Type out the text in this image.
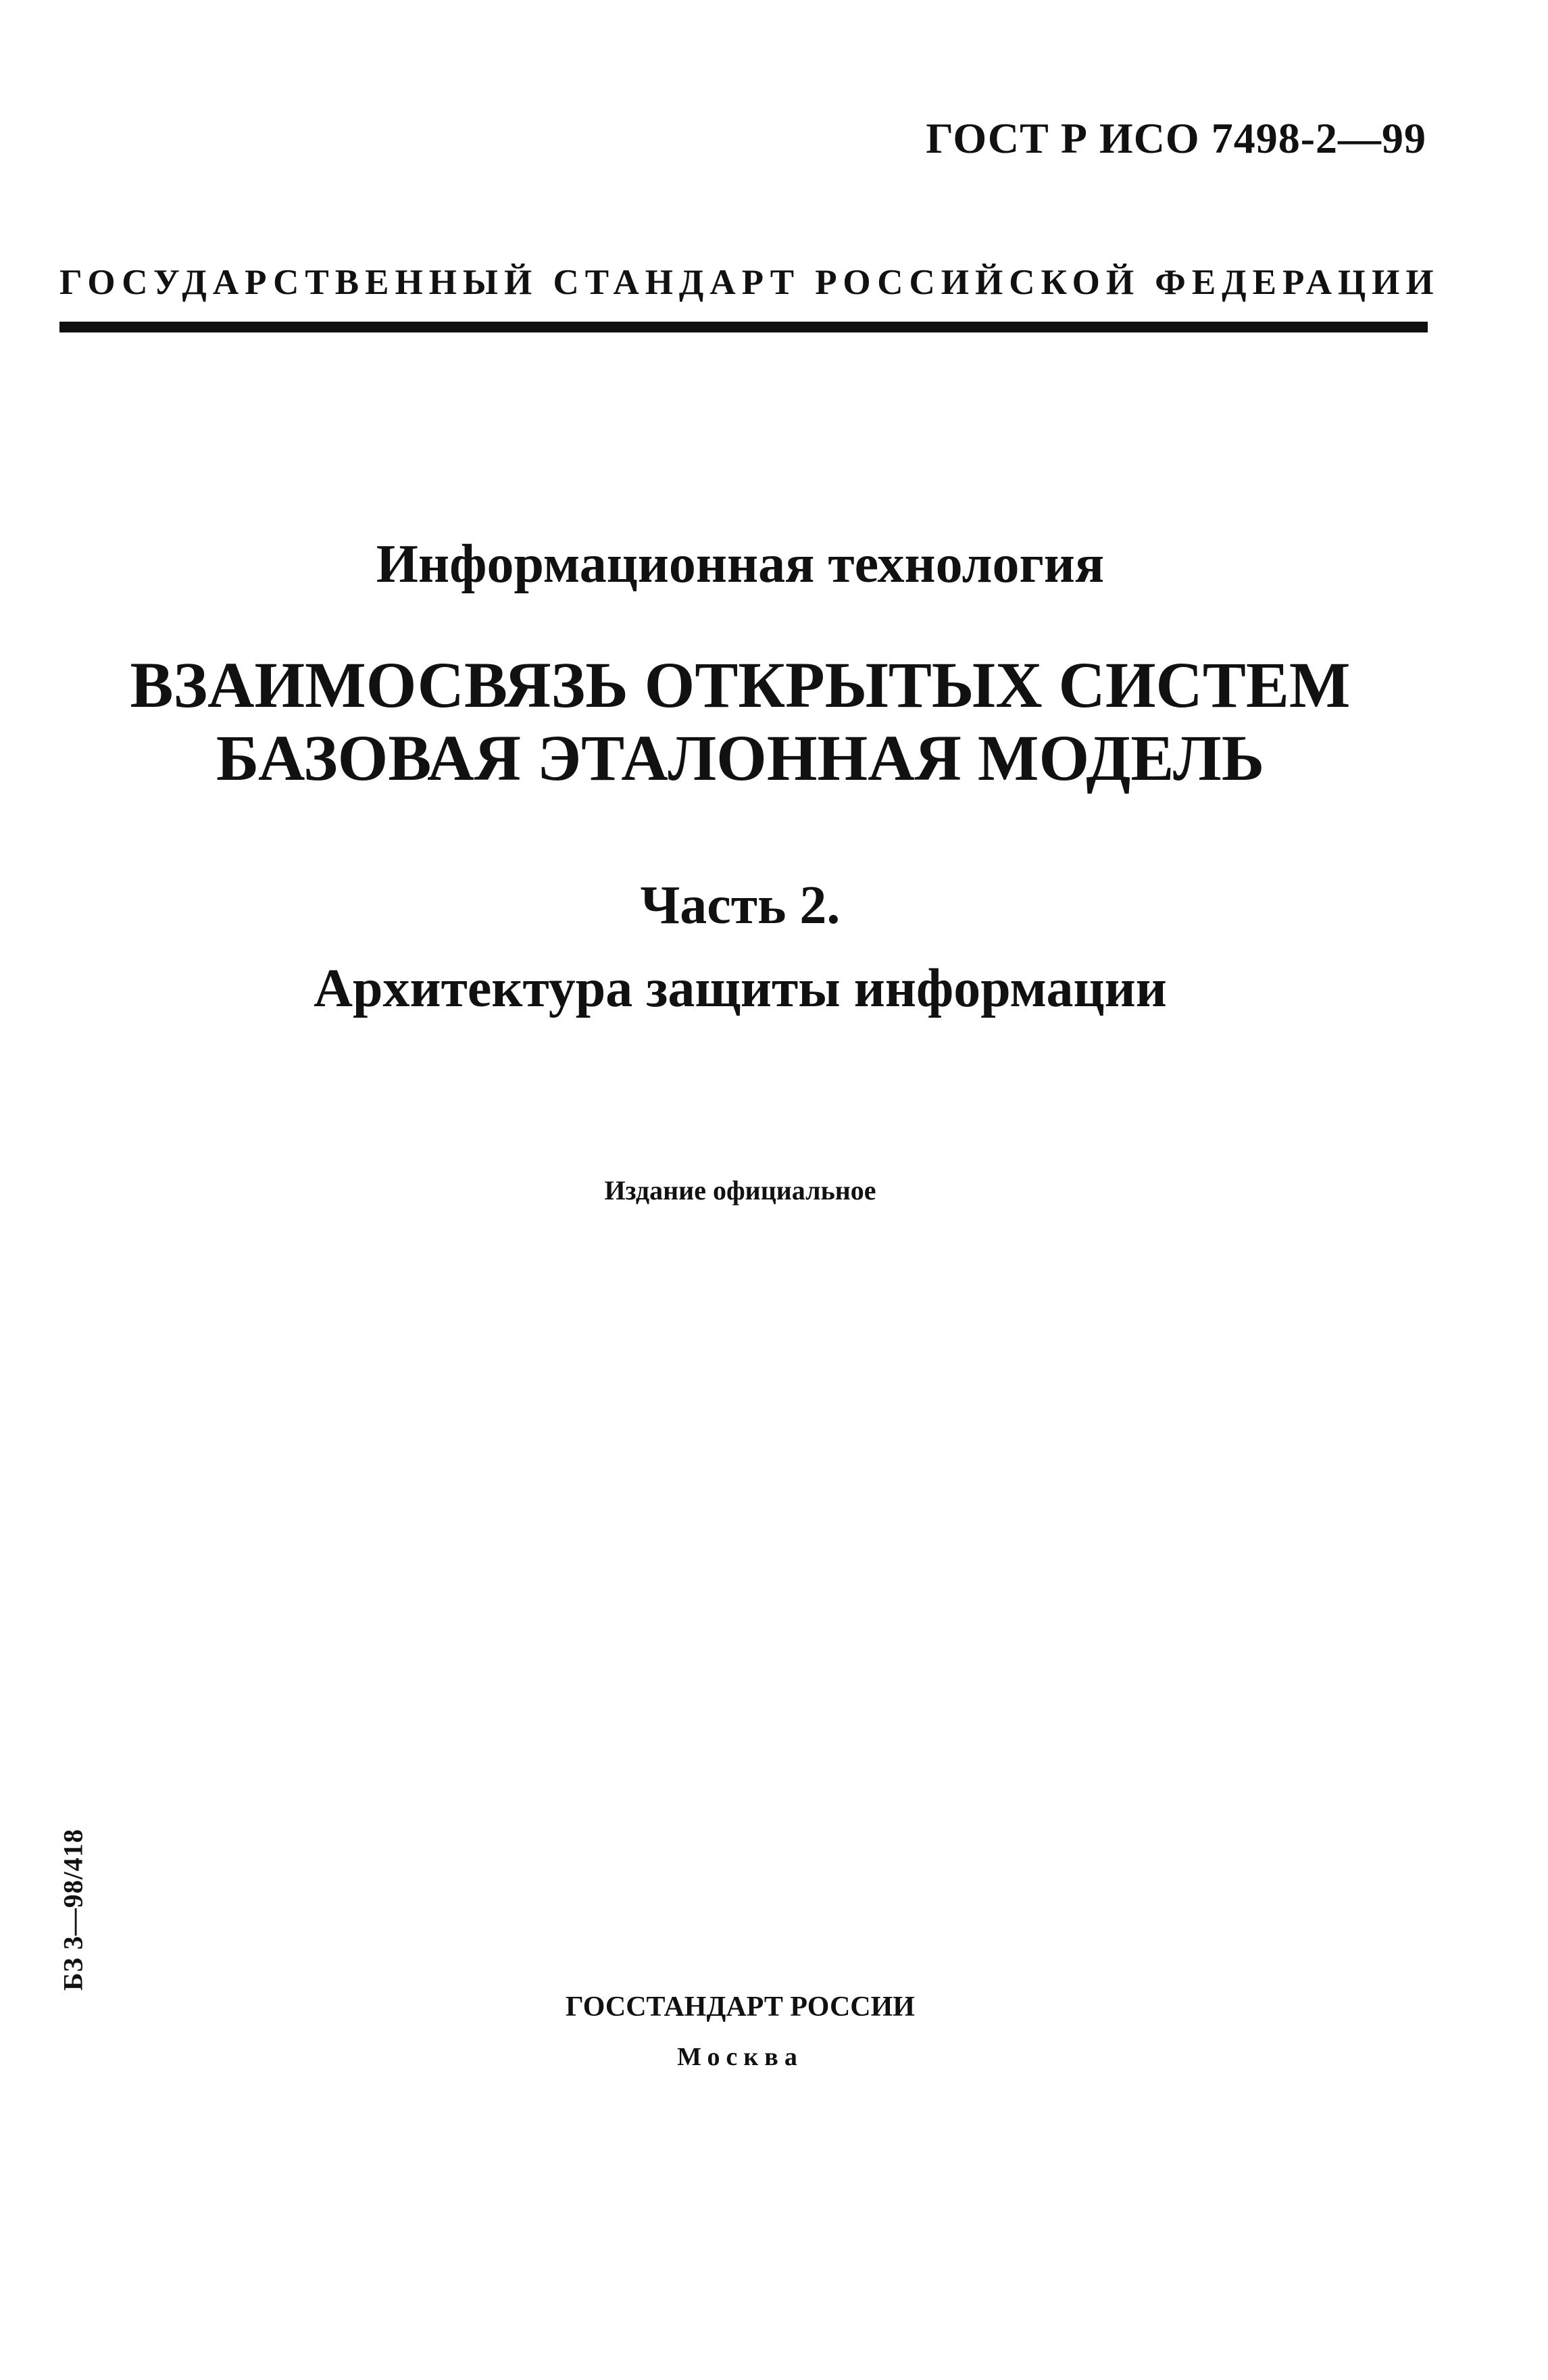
ГОСТ Р ИСО 7498-2—99
ГОСУДАРСТВЕННЫЙ СТАНДАРТ РОССИЙСКОЙ ФЕДЕРАЦИИ
Информационная технология
ВЗАИМОСВЯЗЬ ОТКРЫТЫХ СИСТЕМ
БАЗОВАЯ ЭТАЛОННАЯ МОДЕЛЬ
Часть 2.
Архитектура защиты информации
Издание официальное
БЗ 3—98/418
ГОССТАНДАРТ РОССИИ
Москва
